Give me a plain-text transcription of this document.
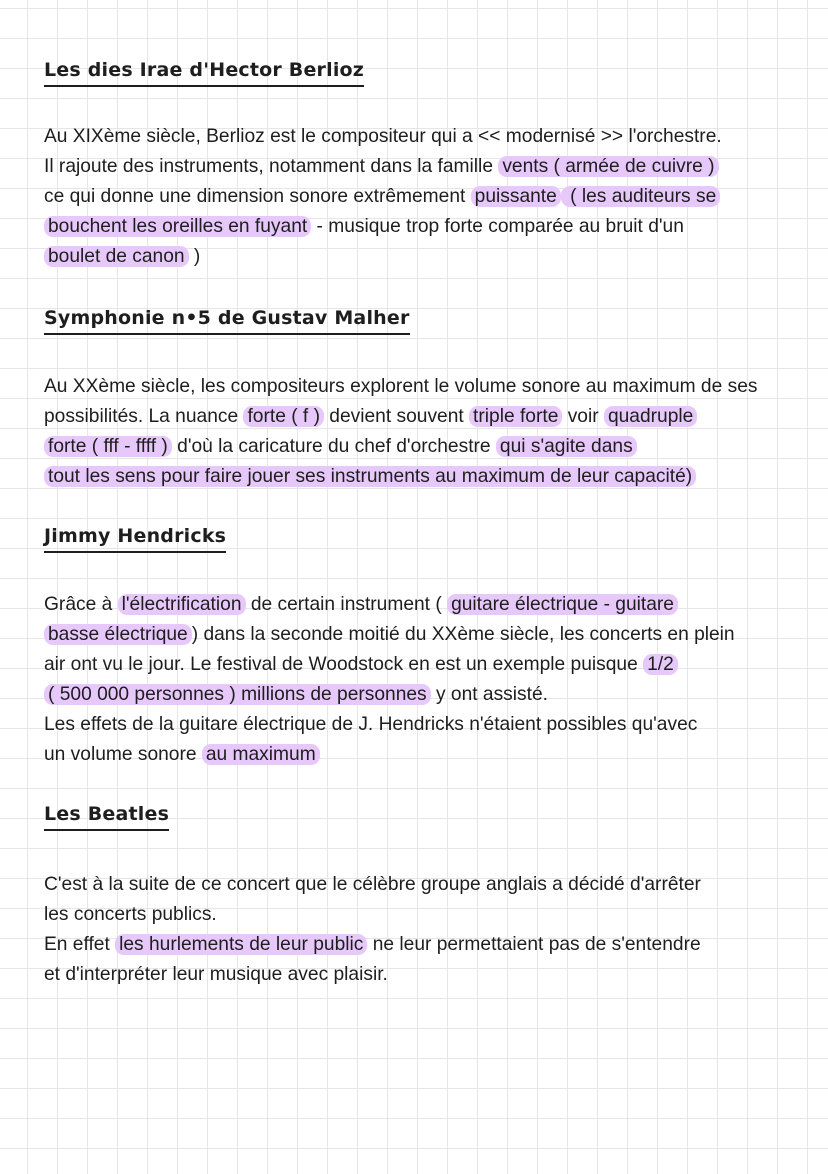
Les dies Irae d'Hector Berlioz
Au XIXème siècle, Berlioz est le compositeur qui a << modernisé >> l'orchestre.
Il rajoute des instruments, notamment dans la famille vents ( armée de cuivre )
ce qui donne une dimension sonore extrêmement puissante ( les auditeurs se
bouchent les oreilles en fuyant - musique trop forte comparée au bruit d'un
boulet de canon )
Symphonie n•5 de Gustav Malher
Au XXème siècle, les compositeurs explorent le volume sonore au maximum de ses
possibilités. La nuance forte ( f ) devient souvent triple forte voir quadruple
forte ( fff - ffff ) d'où la caricature du chef d'orchestre qui s'agite dans
tout les sens pour faire jouer ses instruments au maximum de leur capacité)
Jimmy Hendricks
Grâce à l'électrification de certain instrument ( guitare électrique - guitare
basse électrique ) dans la seconde moitié du XXème siècle, les concerts en plein
air ont vu le jour. Le festival de Woodstock en est un exemple puisque 1/2
( 500 000 personnes ) millions de personnes y ont assisté.
Les effets de la guitare électrique de J. Hendricks n'étaient possibles qu'avec
un volume sonore au maximum
Les Beatles
C'est à la suite de ce concert que le célèbre groupe anglais a décidé d'arrêter
les concerts publics.
En effet les hurlements de leur public ne leur permettaient pas de s'entendre
et d'interpréter leur musique avec plaisir.
